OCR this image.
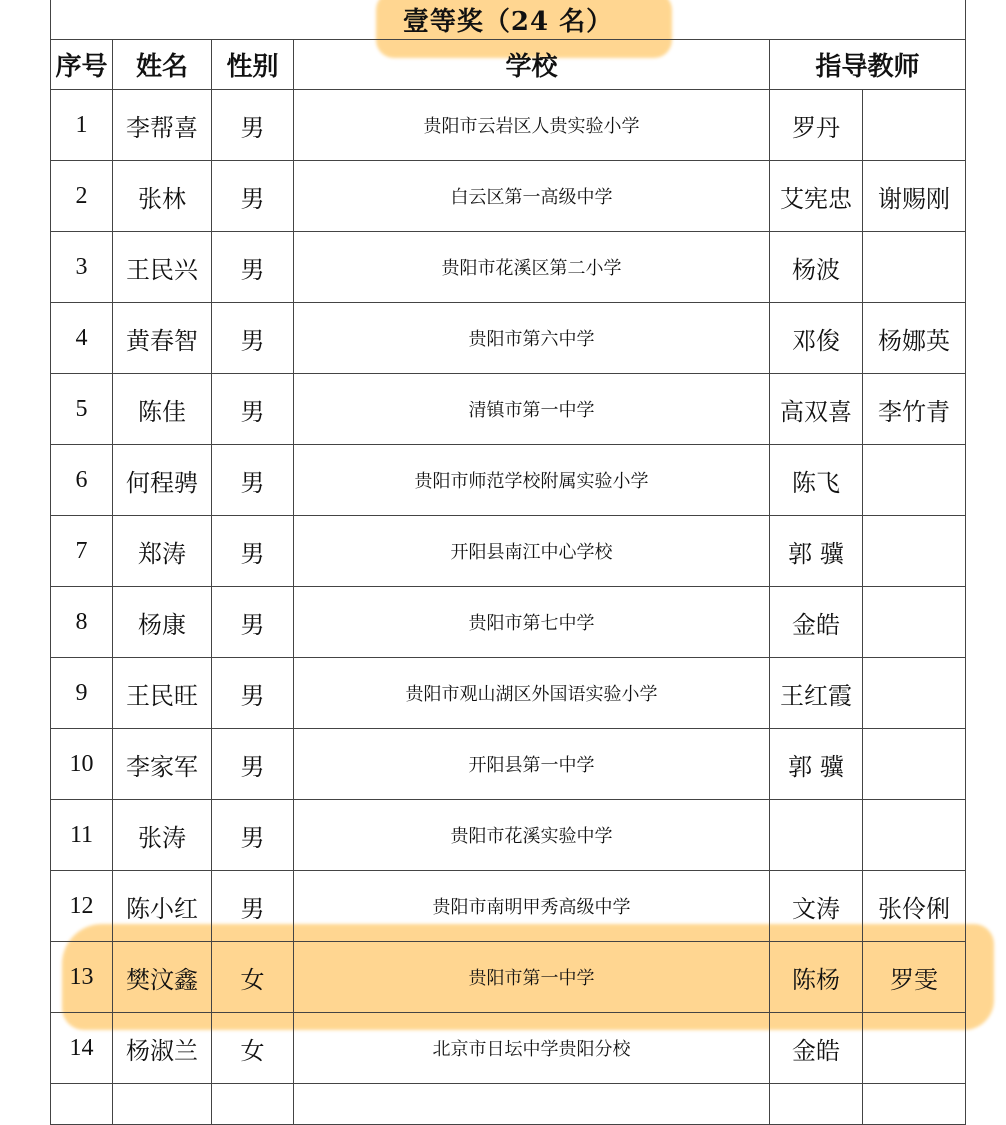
壹等奖（24 名）					
序号	姓名	性别	学校	指导教师	
1	李帮喜	男	贵阳市云岩区人贵实验小学	罗丹	
2	张林	男	白云区第一高级中学	艾宪忠	谢赐刚
3	王民兴	男	贵阳市花溪区第二小学	杨波	
4	黄春智	男	贵阳市第六中学	邓俊	杨娜英
5	陈佳	男	清镇市第一中学	高双喜	李竹青
6	何程骋	男	贵阳市师范学校附属实验小学	陈飞	
7	郑涛	男	开阳县南江中心学校	郭 骥	
8	杨康	男	贵阳市第七中学	金皓	
9	王民旺	男	贵阳市观山湖区外国语实验小学	王红霞	
10	李家军	男	开阳县第一中学	郭 骥	
11	张涛	男	贵阳市花溪实验中学		
12	陈小红	男	贵阳市南明甲秀高级中学	文涛	张伶俐
13	樊汶鑫	女	贵阳市第一中学	陈杨	罗雯
14	杨淑兰	女	北京市日坛中学贵阳分校	金皓	
